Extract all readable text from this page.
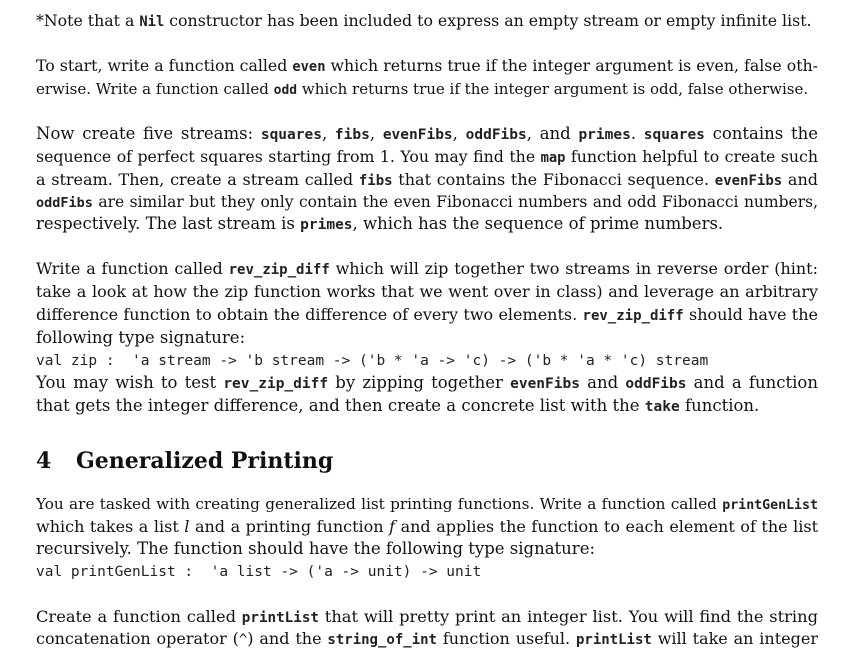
*Note that a Nil constructor has been included to express an empty stream or empty infinite list.
To start, write a function called even which returns true if the integer argument is even, false oth-
erwise. Write a function called odd which returns true if the integer argument is odd, false otherwise.
Now create five streams: squares, fibs, evenFibs, oddFibs, and primes. squares contains the
sequence of perfect squares starting from 1. You may find the map function helpful to create such
a stream. Then, create a stream called fibs that contains the Fibonacci sequence. evenFibs and
oddFibs are similar but they only contain the even Fibonacci numbers and odd Fibonacci numbers,
respectively. The last stream is primes, which has the sequence of prime numbers.
Write a function called rev_zip_diff which will zip together two streams in reverse order (hint:
take a look at how the zip function works that we went over in class) and leverage an arbitrary
difference function to obtain the difference of every two elements. rev_zip_diff should have the
following type signature:
val zip :  'a stream -> 'b stream -> ('b * 'a -> 'c) -> ('b * 'a * 'c) stream
You may wish to test rev_zip_diff by zipping together evenFibs and oddFibs and a function
that gets the integer difference, and then create a concrete list with the take function.
4 Generalized Printing
You are tasked with creating generalized list printing functions. Write a function called printGenList
which takes a list l and a printing function f and applies the function to each element of the list
recursively. The function should have the following type signature:
val printGenList :  'a list -> ('a -> unit) -> unit
Create a function called printList that will pretty print an integer list. You will find the string
concatenation operator (^) and the string_of_int function useful. printList will take an integer
